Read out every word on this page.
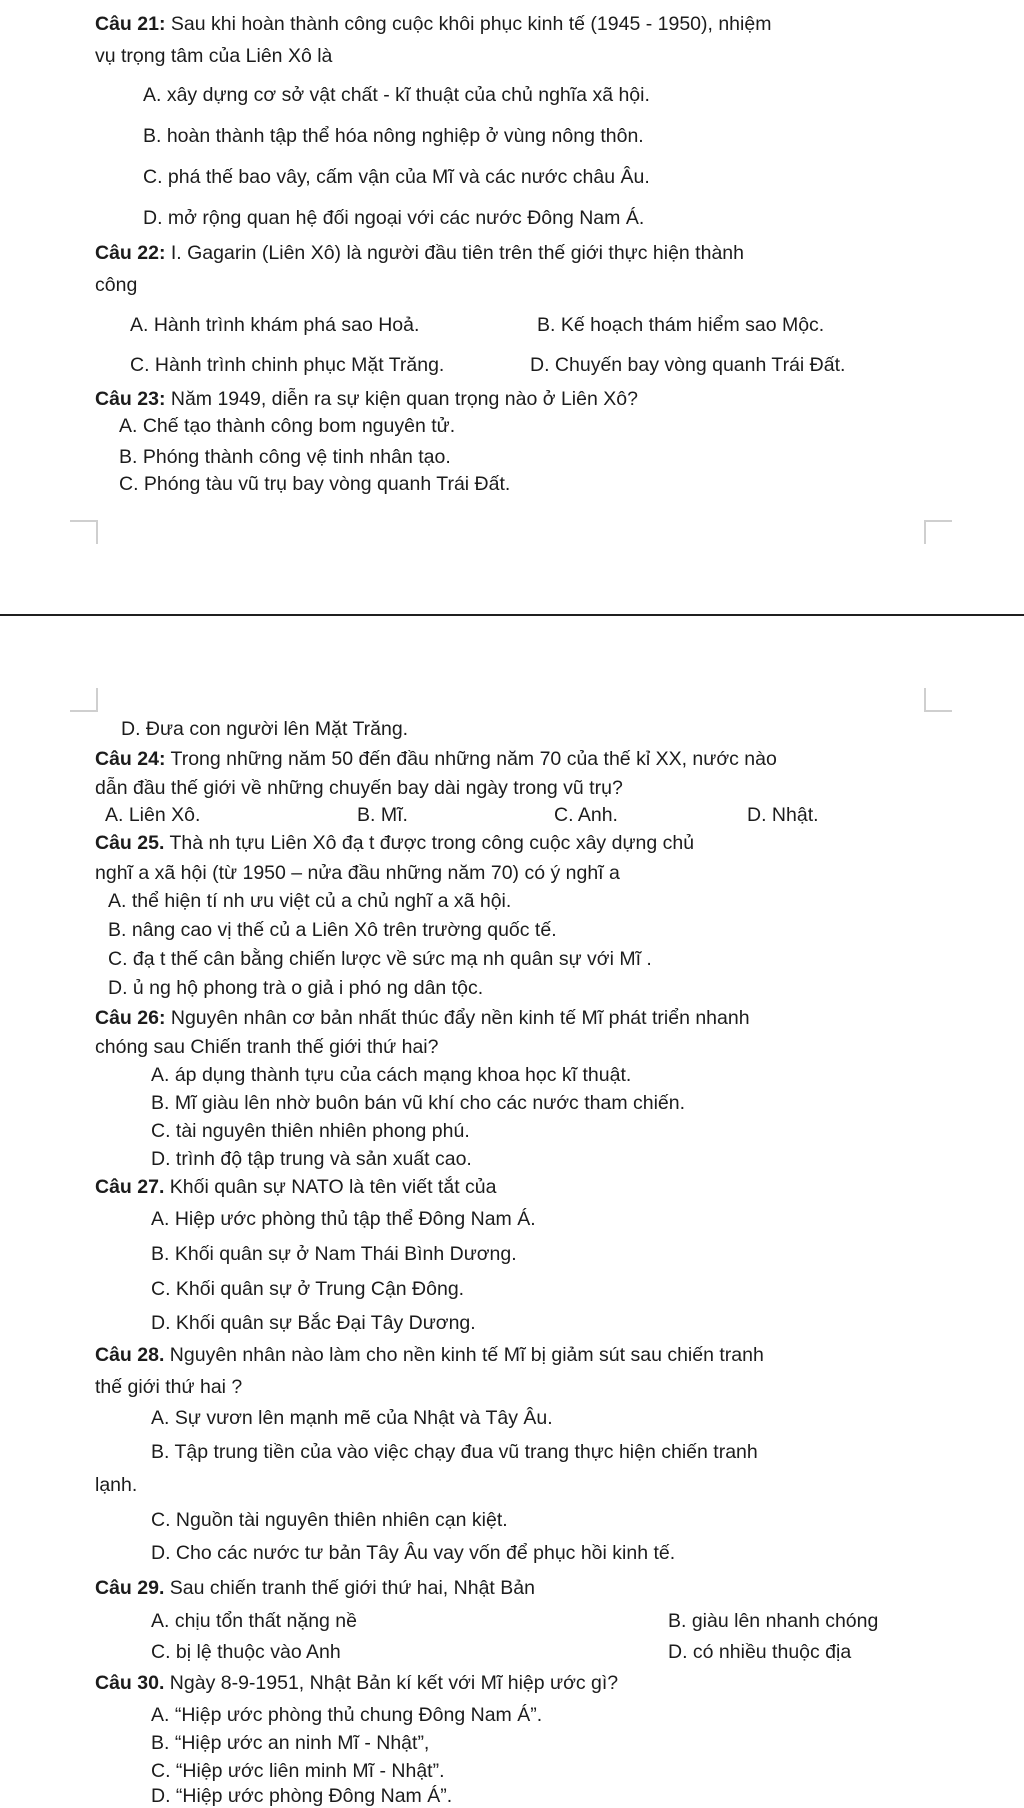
Câu 21: Sau khi hoàn thành công cuộc khôi phục kinh tế (1945 - 1950), nhiệm
vụ trọng tâm của Liên Xô là
A. xây dựng cơ sở vật chất - kĩ thuật của chủ nghĩa xã hội.
B. hoàn thành tập thể hóa nông nghiệp ở vùng nông thôn.
C. phá thế bao vây, cấm vận của Mĩ và các nước châu Âu.
D. mở rộng quan hệ đối ngoại với các nước Đông Nam Á.
Câu 22: I. Gagarin (Liên Xô) là người đầu tiên trên thế giới thực hiện thành
công
A. Hành trình khám phá sao Hoả.	B. Kế hoạch thám hiểm sao Mộc.
C. Hành trình chinh phục Mặt Trăng.	D. Chuyến bay vòng quanh Trái Đất.
Câu 23: Năm 1949, diễn ra sự kiện quan trọng nào ở Liên Xô?
A. Chế tạo thành công bom nguyên tử.
B. Phóng thành công vệ tinh nhân tạo.
C. Phóng tàu vũ trụ bay vòng quanh Trái Đất.
D. Đưa con người lên Mặt Trăng.
Câu 24: Trong những năm 50 đến đầu những năm 70 của thế kỉ XX, nước nào
dẫn đầu thế giới về những chuyến bay dài ngày trong vũ trụ?
A. Liên Xô.	B. Mĩ.	C. Anh.	D. Nhật.
Câu 25. Thà nh tựu Liên Xô đạ t được trong công cuộc xây dựng chủ
nghĩ a xã hội (từ 1950 – nửa đầu những năm 70) có ý nghĩ a
A. thể hiện tí nh ưu việt củ a chủ nghĩ a xã hội.
B. nâng cao vị thế củ a Liên Xô trên trường quốc tế.
C. đạ t thế cân bằng chiến lược về sức mạ nh quân sự với Mĩ .
D. ủ ng hộ phong trà o giả i phó ng dân tộc.
Câu 26: Nguyên nhân cơ bản nhất thúc đẩy nền kinh tế Mĩ phát triển nhanh
chóng sau Chiến tranh thế giới thứ hai?
A. áp dụng thành tựu của cách mạng khoa học kĩ thuật.
B. Mĩ giàu lên nhờ buôn bán vũ khí cho các nước tham chiến.
C. tài nguyên thiên nhiên phong phú.
D. trình độ tập trung và sản xuất cao.
Câu 27. Khối quân sự NATO là tên viết tắt của
A. Hiệp ước phòng thủ tập thể Đông Nam Á.
B. Khối quân sự ở Nam Thái Bình Dương.
C. Khối quân sự ở Trung Cận Đông.
D. Khối quân sự Bắc Đại Tây Dương.
Câu 28. Nguyên nhân nào làm cho nền kinh tế Mĩ bị giảm sút sau chiến tranh
thế giới thứ hai ?
A. Sự vươn lên mạnh mẽ của Nhật và Tây Âu.
B. Tập trung tiền của vào việc chạy đua vũ trang thực hiện chiến tranh
lạnh.
C. Nguồn tài nguyên thiên nhiên cạn kiệt.
D. Cho các nước tư bản Tây Âu vay vốn để phục hồi kinh tế.
Câu 29. Sau chiến tranh thế giới thứ hai, Nhật Bản
A. chịu tổn thất nặng nề	B. giàu lên nhanh chóng
C. bị lệ thuộc vào Anh	D. có nhiều thuộc địa
Câu 30. Ngày 8-9-1951, Nhật Bản kí kết với Mĩ hiệp ước gì?
A. “Hiệp ước phòng thủ chung Đông Nam Á”.
B. “Hiệp ước an ninh Mĩ - Nhật”,
C. “Hiệp ước liên minh Mĩ - Nhật”.
D. “Hiệp ước phòng Đông Nam Á”.
